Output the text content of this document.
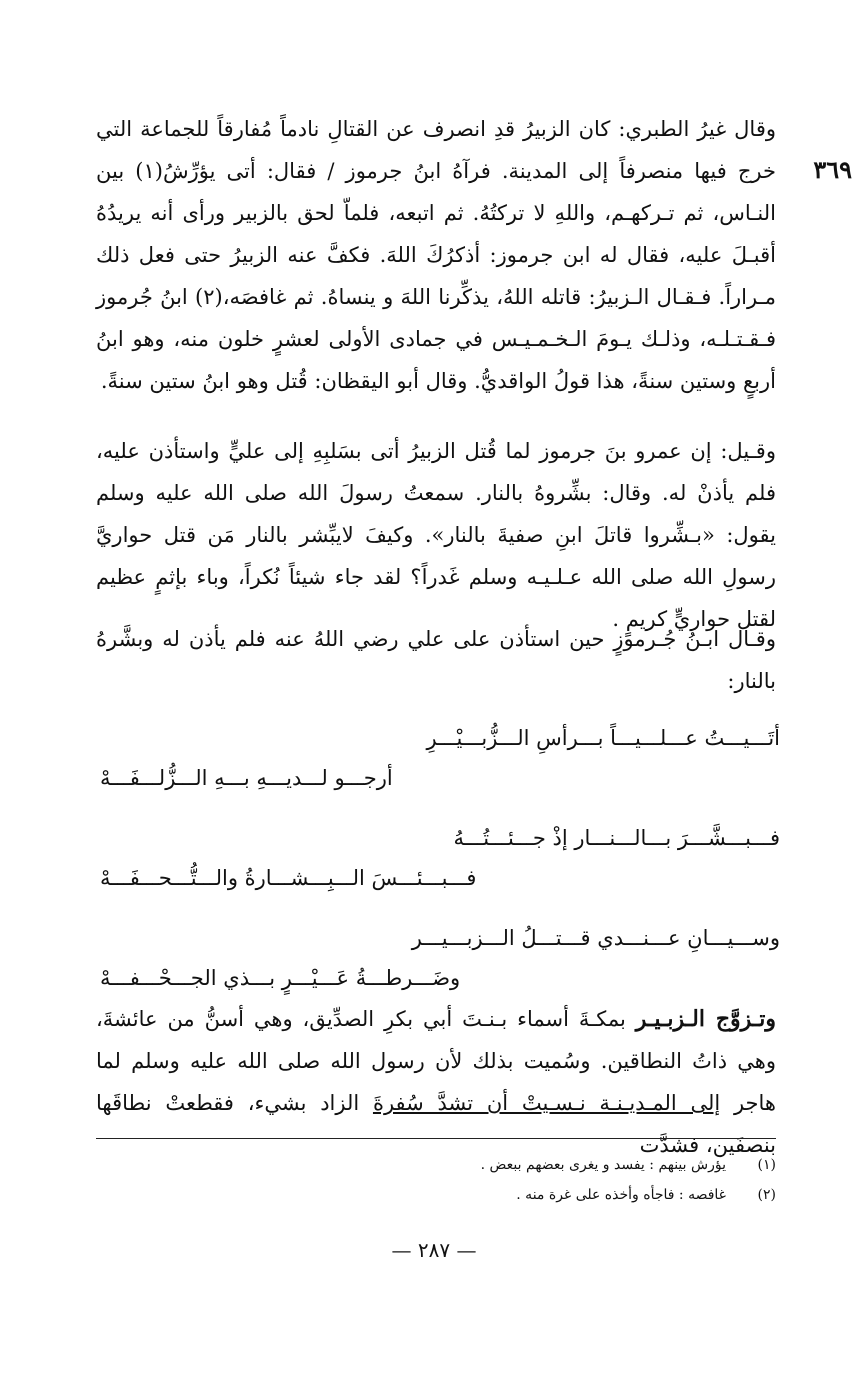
٣٦٩

وقال غيرُ الطبري: كان الزبيرُ قدِ انصرف عن القتالِ نادماً مُفارقاً للجماعة التي خرج فيها منصرفاً إلى المدينة. فرآهُ ابنُ جرموز / فقال: أتى يؤرِّشُ(١) بين النـاس، ثم تـركهـم، واللهِ لا تركتُهُ. ثم اتبعه، فلماّ لحق بالزبير ورأى أنه يريدُهُ أقبـلَ عليه، فقال له ابن جرموز: أذكرُكَ اللهَ. فكفَّ عنه الزبيرُ حتى فعل ذلك مـراراً. فـقـال الـزبيرُ: قاتله اللهُ، يذكِّرنا اللهَ و ينساهُ. ثم غافصَه،(٢) ابنُ جُرموز فـقـتـلـه، وذلـك يـومَ الـخـمـيـس في جمادى الأولى لعشرٍ خلون منه، وهو ابنُ أربعٍ وستين سنةً، هذا قولُ الواقديُّ. وقال أبو اليقظان: قُتل وهو ابنُ ستين سنةً.

وقـيل: إن عمرو بنَ جرموز لما قُتل الزبيرُ أتى بسَلبِهِ إلى عليٍّ واستأذن عليه، فلم يأذنْ له. وقال: بشِّروهُ بالنار. سمعتُ رسولَ الله صلى الله عليه وسلم يقول: «بـشِّروا قاتلَ ابنِ صفيةَ بالنار». وكيفَ لايبِّشر بالنار مَن قتل حواريَّ رسولِ الله صلى الله عـلـيـه وسلم غَدراً؟ لقد جاء شيئاً نُكراً، وباء بإثمٍ عظيم لقتل حواريٍّ كريمٍ .

وقـال ابـنُ جُـرموزٍ حين استأذن على علي رضي اللهُ عنه فلم يأذن له وبشَّرهُ بالنار:

أتَـــيـــتُ عـــلـــيـــاً بـــرأسِ الـــزُّبـــيْـــرِ
أرجـــو لـــديـــهِ بـــهِ الـــزُّلـــفَـــهْ
فـــبـــشَّـــرَ بـــالـــنـــار إذْ جـــئـــتُـــهُ
فـــبـــئـــسَ الـــبِـــشـــارةُ والـــتُّـــحـــفَـــهْ
وســـيـــانِ عـــنـــدي قـــتـــلُ الـــزبـــيـــر
وضَـــرطـــةُ عَـــيْـــرٍ بـــذي الجـــحْـــفـــهْ

وتـزوَّج الـزبـيـر بمكـةَ أسماء بـنـتَ أبي بكرِ الصدِّيق، وهي أسنُّ من عائشةَ، وهي ذاتُ النطاقين. وسُميت بذلك لأن رسول الله صلى الله عليه وسلم لما هاجر إلى المـديـنـة نـسـيتْ أن تشدَّ سُفرةَ الزاد بشيء، فقطعتْ نطاقَها بنصفَين، فشدَّت

(١)
يؤرش بينهم : يفسد و يغرى بعضهم ببعض .
(٢)
غافصه : فاجأه وأخذه على غرة منه .
— ٢٨٧ —
